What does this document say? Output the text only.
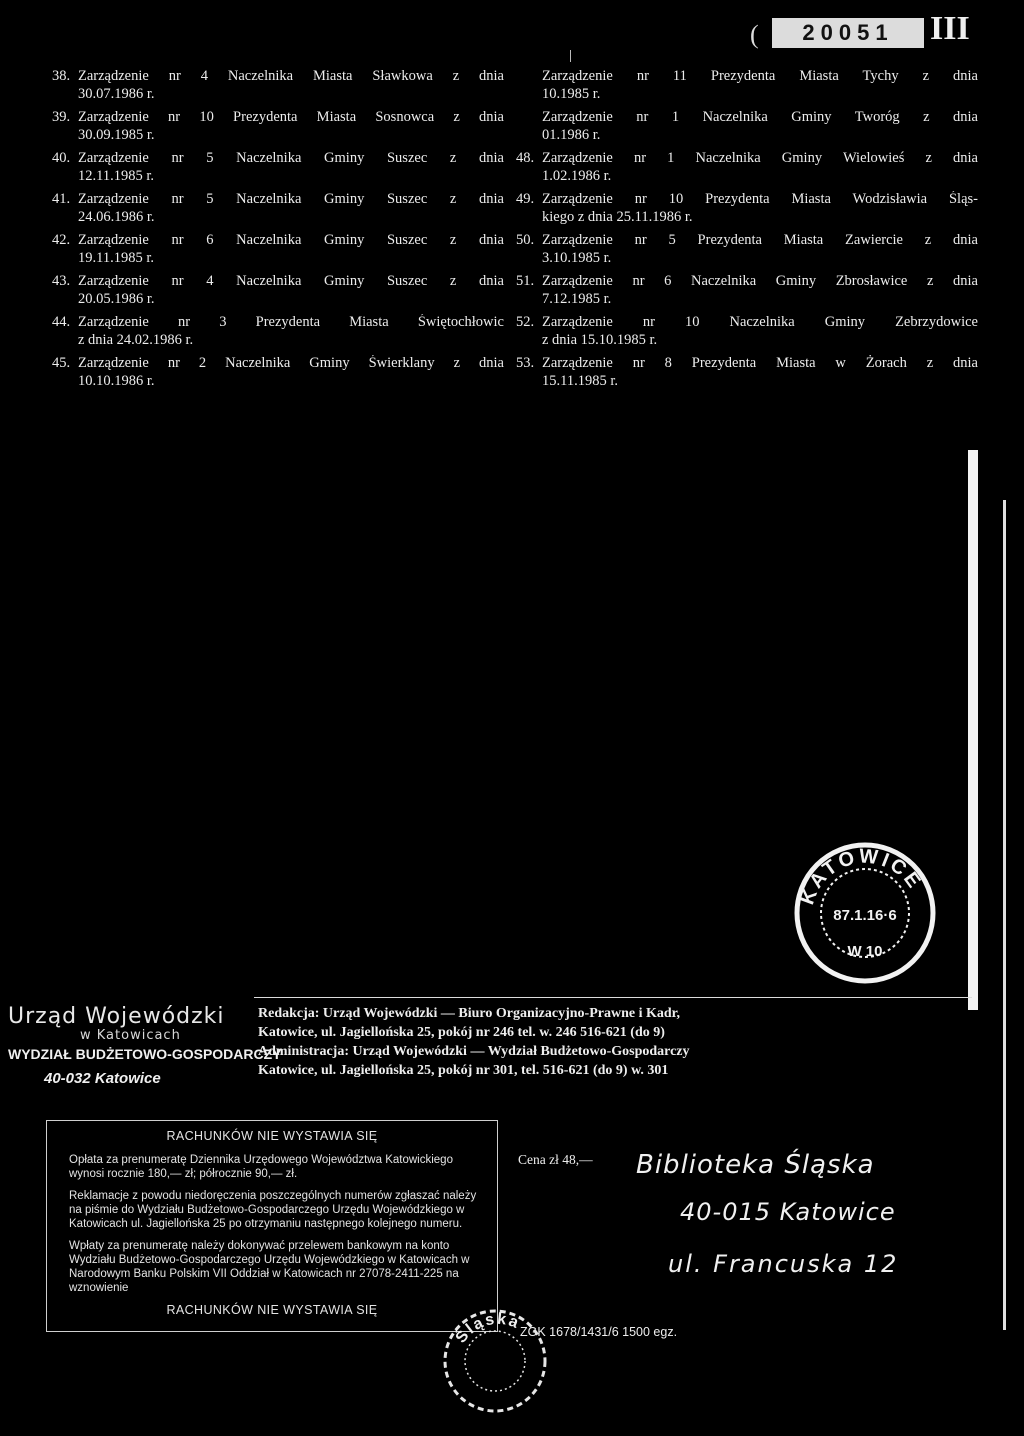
(	20051	III
38. Zarządzenie nr 4 Naczelnika Miasta Sławkowa z dnia
30.07.1986 r.
39. Zarządzenie nr 10 Prezydenta Miasta Sosnowca z dnia
30.09.1985 r.
40. Zarządzenie nr 5 Naczelnika Gminy Suszec z dnia
12.11.1985 r.
41. Zarządzenie nr 5 Naczelnika Gminy Suszec z dnia
24.06.1986 r.
42. Zarządzenie nr 6 Naczelnika Gminy Suszec z dnia
19.11.1985 r.
43. Zarządzenie nr 4 Naczelnika Gminy Suszec z dnia
20.05.1986 r.
44. Zarządzenie nr 3 Prezydenta Miasta Świętochłowic
z dnia 24.02.1986 r.
45. Zarządzenie nr 2 Naczelnika Gminy Świerklany z dnia
10.10.1986 r.
Zarządzenie nr 11 Prezydenta Miasta Tychy z dnia
10.1985 r.
Zarządzenie nr 1 Naczelnika Gminy Tworóg z dnia
01.1986 r.
48. Zarządzenie nr 1 Naczelnika Gminy Wielowieś z dnia
1.02.1986 r.
49. Zarządzenie nr 10 Prezydenta Miasta Wodzisławia Śląs-
kiego z dnia 25.11.1986 r.
50. Zarządzenie nr 5 Prezydenta Miasta Zawiercie z dnia
3.10.1985 r.
51. Zarządzenie nr 6 Naczelnika Gminy Zbrosławice z dnia
7.12.1985 r.
52. Zarządzenie nr 10 Naczelnika Gminy Zebrzydowice
z dnia 15.10.1985 r.
53. Zarządzenie nr 8 Prezydenta Miasta w Żorach z dnia
15.11.1985 r.
KATOWICE
87.1.16·6
W 10
Urząd Wojewódzki
w Katowicach
WYDZIAŁ BUDŻETOWO-GOSPODARCZY
40-032 Katowice
Redakcja: Urząd Wojewódzki — Biuro Organizacyjno-Prawne i Kadr,
Katowice, ul. Jagiellońska 25, pokój nr 246 tel. w. 246 516-621 (do 9)
Administracja: Urząd Wojewódzki — Wydział Budżetowo-Gospodarczy
Katowice, ul. Jagiellońska 25, pokój nr 301, tel. 516-621 (do 9) w. 301
RACHUNKÓW NIE WYSTAWIA SIĘ
Opłata za prenumeratę Dziennika Urzędowego Województwa Katowickiego wynosi rocznie 180,— zł; półrocznie 90,— zł.
Reklamacje z powodu niedoręczenia poszczególnych numerów zgłaszać należy na piśmie do Wydziału Budżetowo-Gospodarczego Urzędu Wojewódzkiego w Katowicach ul. Jagiellońska 25 po otrzymaniu następnego kolejnego numeru.
Wpłaty za prenumeratę należy dokonywać przelewem bankowym na konto Wydziału Budżetowo-Gospodarczego Urzędu Wojewódzkiego w Katowicach w Narodowym Banku Polskim VII Oddział w Katowicach nr 27078-2411-225 na wznowienie
RACHUNKÓW NIE WYSTAWIA SIĘ
Cena zł 48,— Biblioteka Śląska
40-015 Katowice
ul. Francuska 12
ZGK 1678/1431/6 1500 egz.
Śląska
